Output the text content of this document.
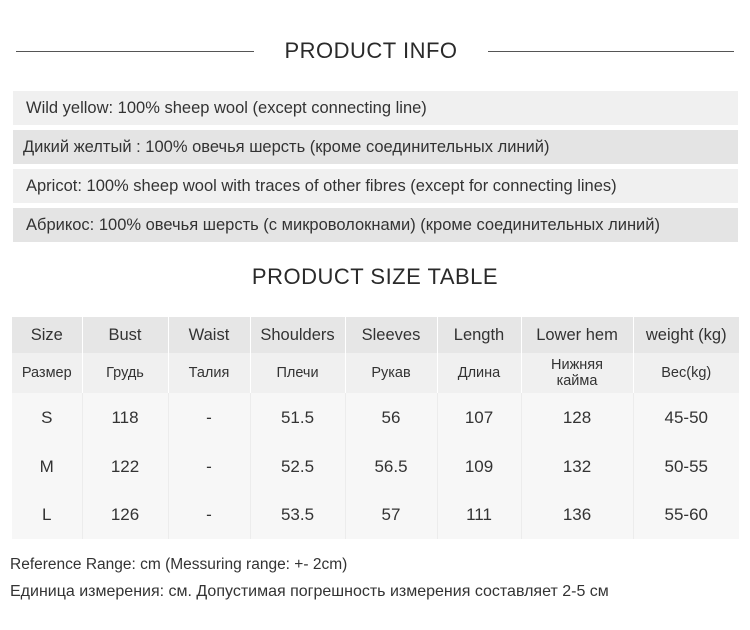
PRODUCT INFO
Wild yellow: 100% sheep wool (except connecting line)
Дикий желтый : 100% овечья шерсть (кроме соединительных линий)
Apricot: 100% sheep wool with traces of other fibres (except for connecting lines)
Абрикос: 100% овечья шерсть (с микроволокнами) (кроме соединительных линий)
PRODUCT SIZE TABLE
Size	Bust	Waist	Shoulders	Sleeves	Length	Lower hem	weight (kg)
Размер	Грудь	Талия	Плечи	Рукав	Длина	Нижняя кайма	Вес(kg)
S	118	-	51.5	56	107	128	45-50
M	122	-	52.5	56.5	109	132	50-55
L	126	-	53.5	57	111	136	55-60
Reference Range: cm (Messuring range: +- 2cm)
Единица измерения: см. Допустимая погрешность измерения составляет 2-5 см
